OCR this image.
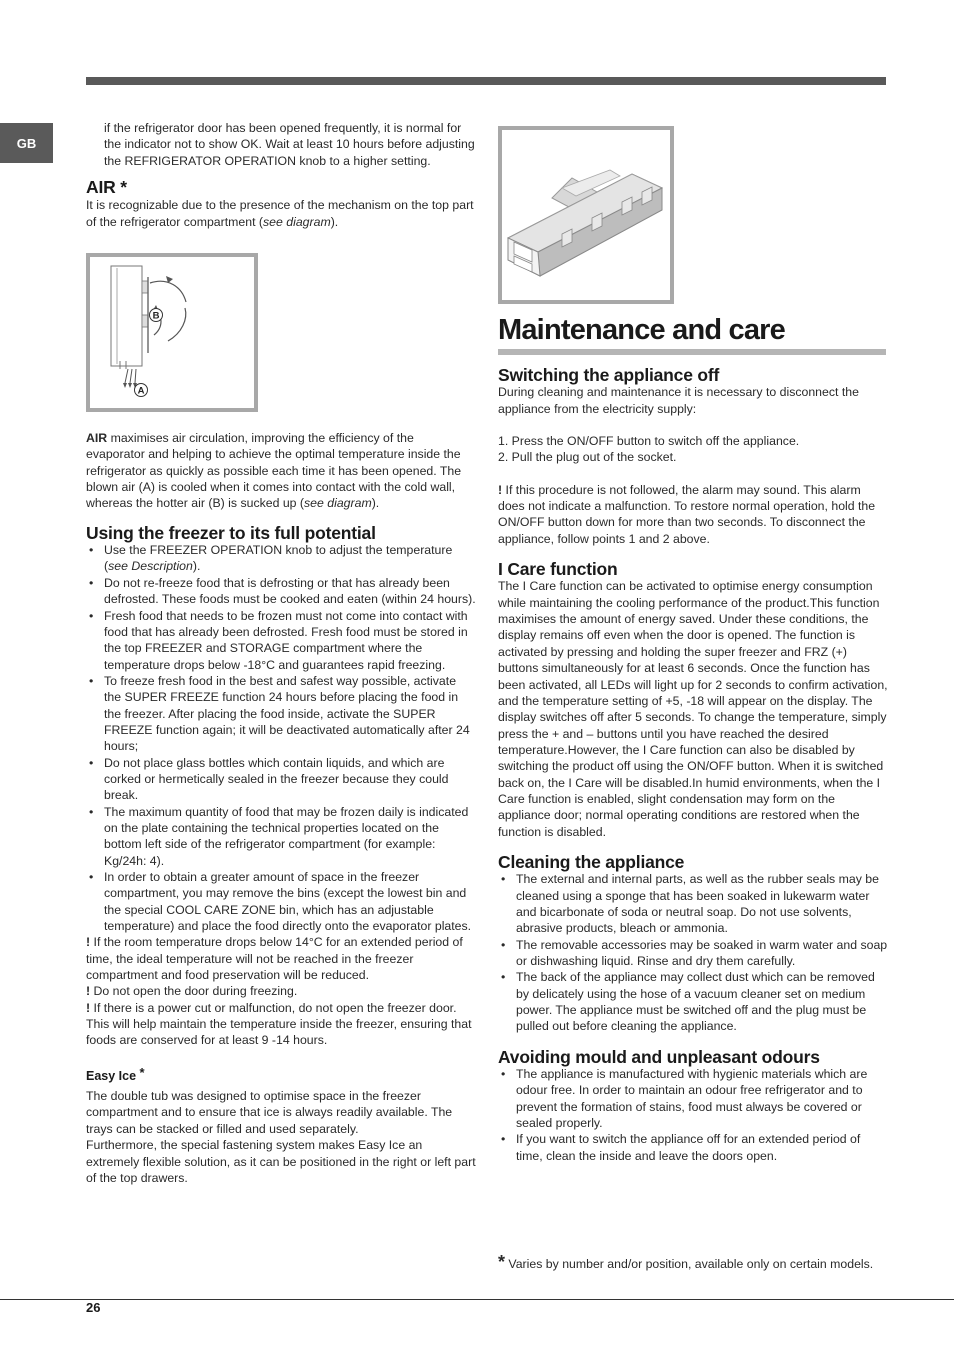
GB

if the refrigerator door has been opened frequently, it is normal for the indicator not to show OK. Wait at least 10 hours before adjusting the REFRIGERATOR OPERATION knob to a higher setting.

AIR *

It is recognizable due to the presence of the mechanism on the top part of the refrigerator compartment (see diagram).

B
A

AIR maximises air circulation, improving the efficiency of the evaporator and helping to achieve the optimal temperature inside the refrigerator as quickly as possible each time it has been opened. The blown air (A) is cooled when it comes into contact with the cold wall, whereas the hotter air (B) is sucked up (see diagram).

Using the freezer to its full potential
• Use the FREEZER OPERATION knob to adjust the temperature (see Description).
• Do not re-freeze food that is defrosting or that has already been defrosted. These foods must be cooked and eaten (within 24 hours).
• Fresh food that needs to be frozen must not come into contact with food that has already been defrosted. Fresh food must be stored in the top FREEZER and STORAGE compartment where the temperature drops below -18°C and guarantees rapid freezing.
• To freeze fresh food in the best and safest way possible, activate the SUPER FREEZE function 24 hours before placing the food in the freezer. After placing the food inside, activate the SUPER FREEZE function again; it will be deactivated automatically after 24 hours;
• Do not place glass bottles which contain liquids, and which are corked or hermetically sealed in the freezer because they could break.
• The maximum quantity of food that may be frozen daily is indicated on the plate containing the technical properties located on the bottom left side of the refrigerator compartment (for example: Kg/24h: 4).
• In order to obtain a greater amount of space in the freezer compartment, you may remove the bins (except the lowest bin and the special COOL CARE ZONE bin, which has an adjustable temperature) and place the food directly onto the evaporator plates.

! If the room temperature drops below 14°C for an extended period of time, the ideal temperature will not be reached in the freezer compartment and food preservation will be reduced.

! Do not open the door during freezing.

! If there is a power cut or malfunction, do not open the freezer door. This will help maintain the temperature inside the freezer, ensuring that foods are conserved for at least 9 -14 hours.

Easy Ice *

The double tub was designed to optimise space in the freezer compartment and to ensure that ice is always readily available. The trays can be stacked or filled and used separately.

Furthermore, the special fastening system makes Easy Ice an extremely flexible solution, as it can be positioned in the right or left part of the top drawers.

Maintenance and care
Switching the appliance off

During cleaning and maintenance it is necessary to disconnect the appliance from the electricity supply:

1. Press the ON/OFF button to switch off the appliance.
2. Pull the plug out of the socket.

! If this procedure is not followed, the alarm may sound. This alarm does not indicate a malfunction. To restore normal operation, hold the ON/OFF button down for more than two seconds. To disconnect the appliance, follow points 1 and 2 above.

I Care function

The I Care function can be activated to optimise energy consumption while maintaining the cooling performance of the product.This function maximises the amount of energy saved. Under these conditions, the display remains off even when the door is opened. The function is activated by pressing and holding the super freezer and FRZ (+) buttons simultaneously for at least 6 seconds. Once the function has been activated, all LEDs will light up for 2 seconds to confirm activation, and the temperature setting of +5, -18 will appear on the display. The display switches off after 5 seconds. To change the temperature, simply press the + and – buttons until you have reached the desired temperature.However, the I Care function can also be disabled by switching the product off using the ON/OFF button. When it is switched back on, the I Care will be disabled.In humid environments, when the I Care function is enabled, slight condensation may form on the appliance door; normal operating conditions are restored when the function is disabled.

Cleaning the appliance
• The external and internal parts, as well as the rubber seals may be cleaned using a sponge that has been soaked in lukewarm water and bicarbonate of soda or neutral soap. Do not use solvents, abrasive products, bleach or ammonia.
• The removable accessories may be soaked in warm water and soap or dishwashing liquid. Rinse and dry them carefully.
• The back of the appliance may collect dust which can be removed by delicately using the hose of a vacuum cleaner set on medium power. The appliance must be switched off and the plug must be pulled out before cleaning the appliance.
Avoiding mould and unpleasant odours
• The appliance is manufactured with hygienic materials which are odour free. In order to maintain an odour free refrigerator and to prevent the formation of stains, food must always be covered or sealed properly.
• If you want to switch the appliance off for an extended period of time, clean the inside and leave the doors open.

* Varies by number and/or position, available only on certain models.

26
